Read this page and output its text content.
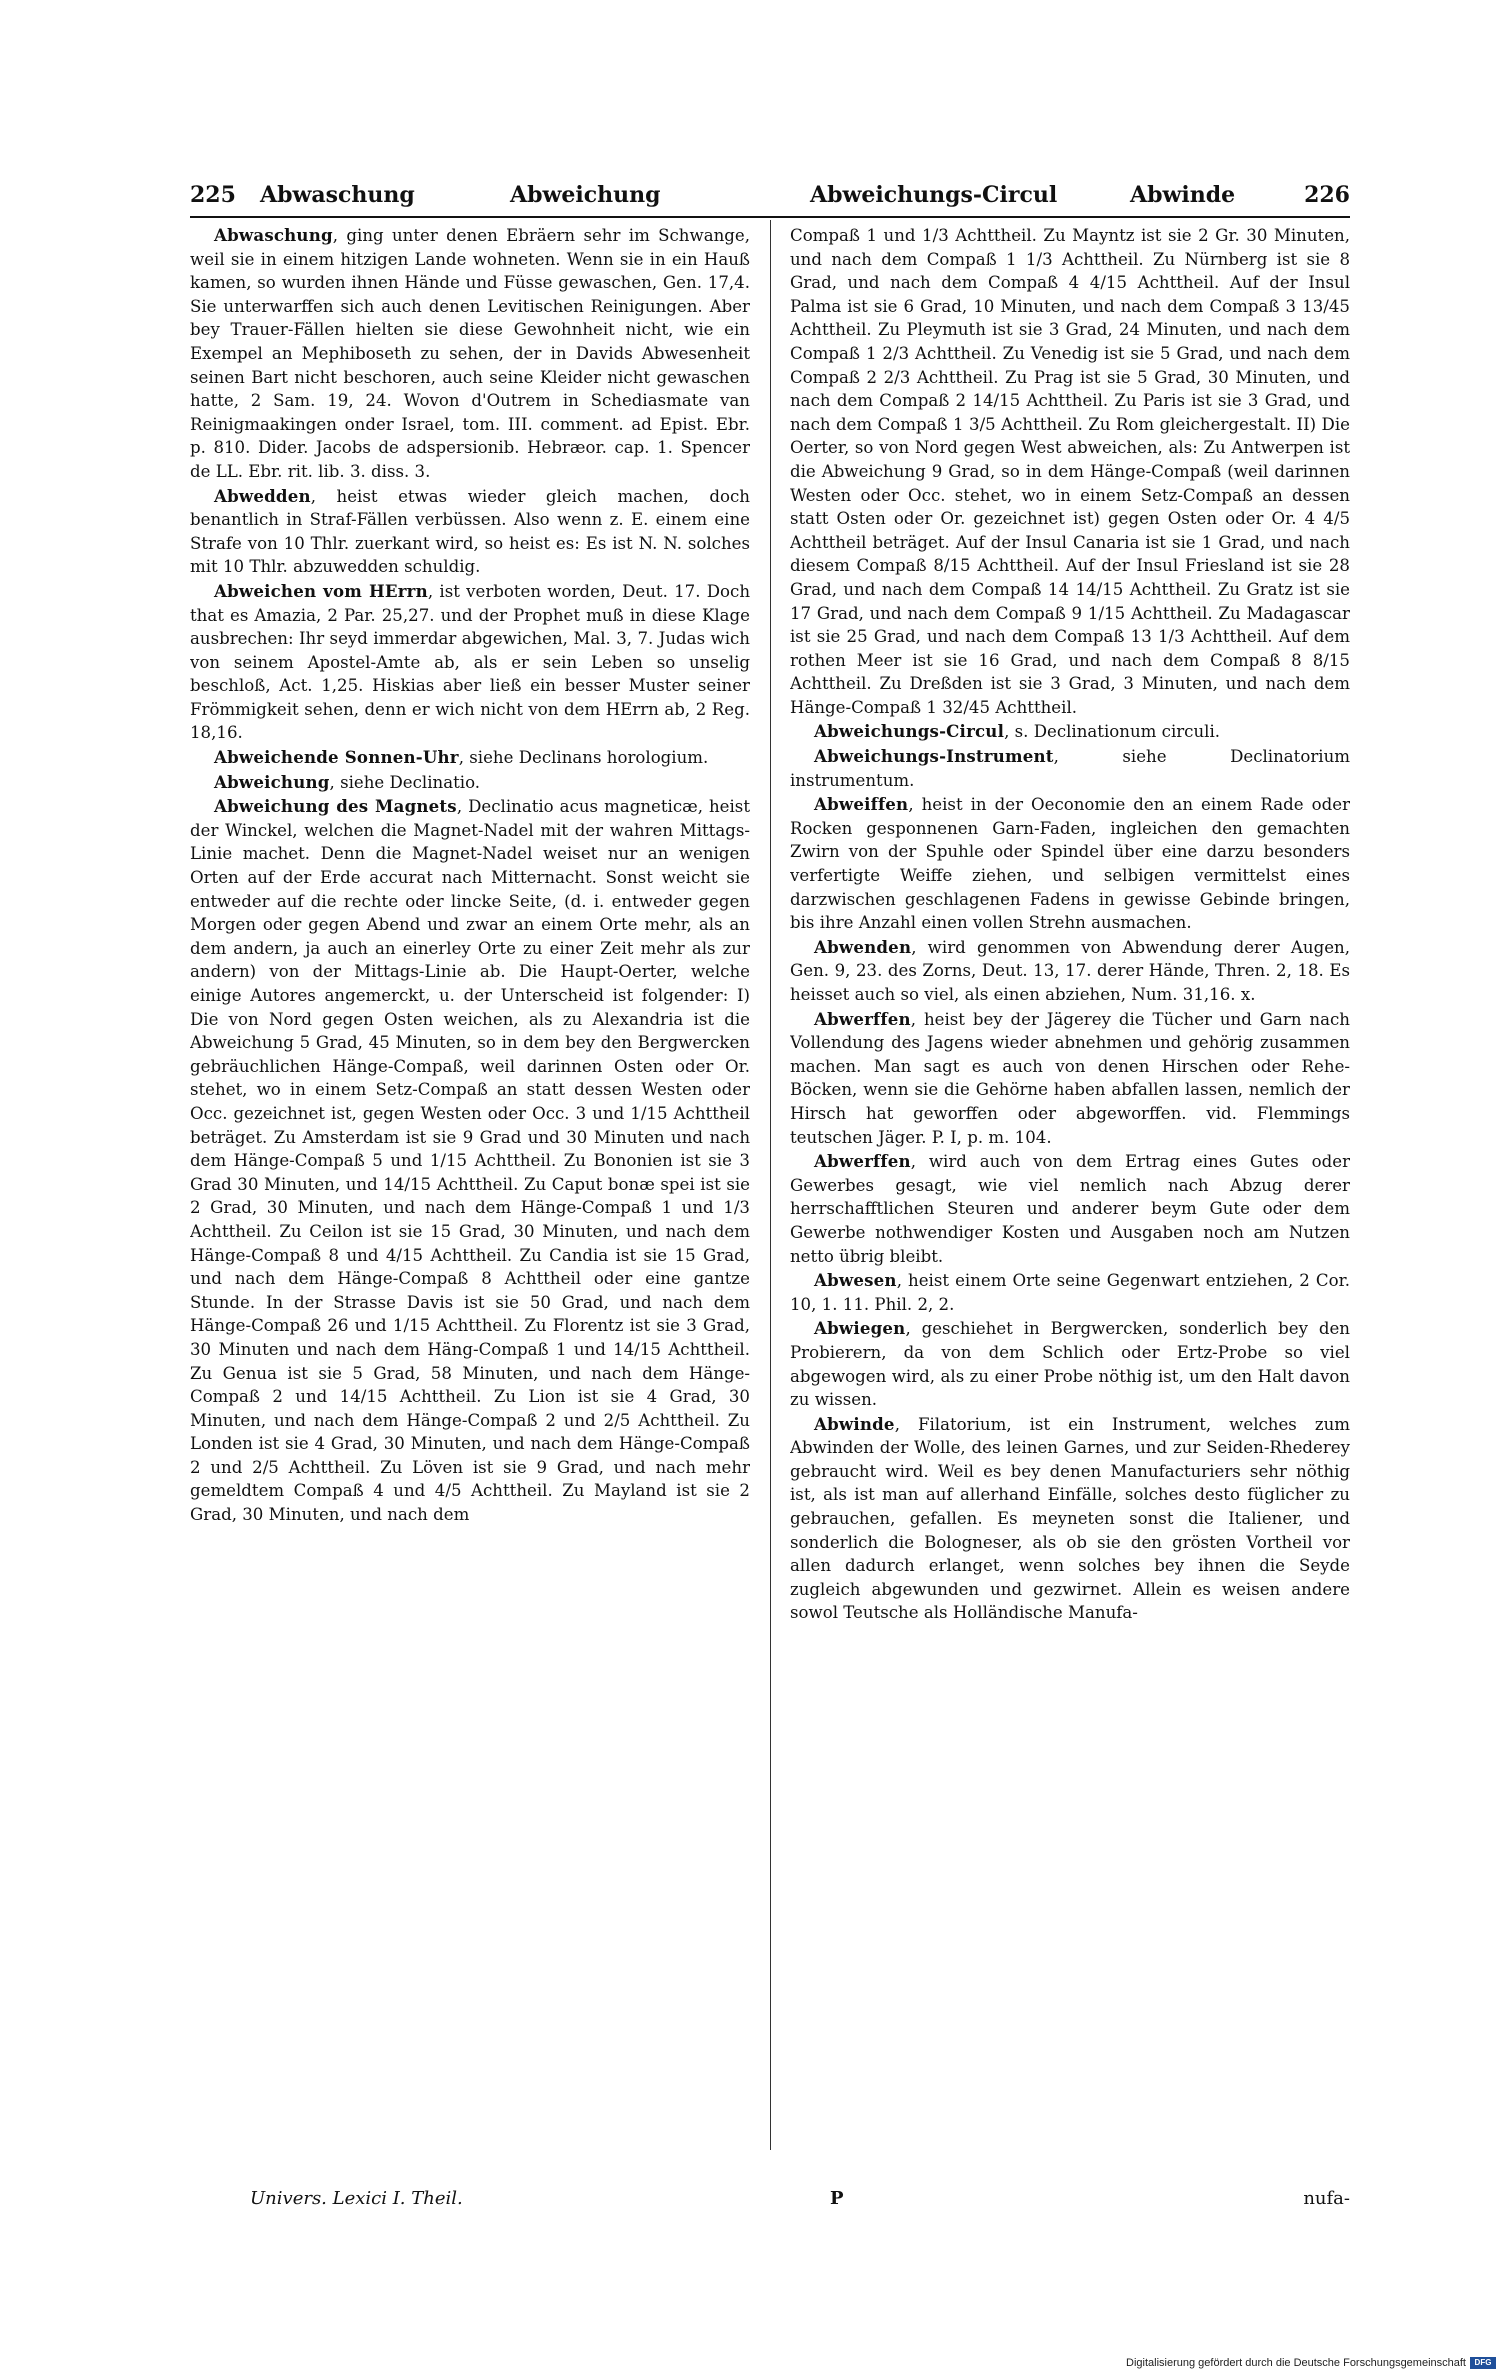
225 Abwaschung	Abweichung	Abweichungs-Circul	Abwinde	226

Abwaschung, ging unter denen Ebräern sehr im Schwange, weil sie in einem hitzigen Lande wohneten. Wenn sie in ein Hauß kamen, so wurden ihnen Hände und Füsse gewaschen, Gen. 17,4. Sie unterwarffen sich auch denen Levitischen Reinigungen. Aber bey Trauer-Fällen hielten sie diese Gewohnheit nicht, wie ein Exempel an Mephiboseth zu sehen, der in Davids Abwesenheit seinen Bart nicht beschoren, auch seine Kleider nicht gewaschen hatte, 2 Sam. 19, 24. Wovon d'Outrem in Schediasmate van Reinigmaakingen onder Israel, tom. III. comment. ad Epist. Ebr. p. 810. Dider. Jacobs de adspersionib. Hebræor. cap. 1. Spencer de LL. Ebr. rit. lib. 3. diss. 3.

Abwedden, heist etwas wieder gleich machen, doch benantlich in Straf-Fällen verbüssen. Also wenn z. E. einem eine Strafe von 10 Thlr. zuerkant wird, so heist es: Es ist N. N. solches mit 10 Thlr. abzuwedden schuldig.

Abweichen vom HErrn, ist verboten worden, Deut. 17. Doch that es Amazia, 2 Par. 25,27. und der Prophet muß in diese Klage ausbrechen: Ihr seyd immerdar abgewichen, Mal. 3, 7. Judas wich von seinem Apostel-Amte ab, als er sein Leben so unselig beschloß, Act. 1,25. Hiskias aber ließ ein besser Muster seiner Frömmigkeit sehen, denn er wich nicht von dem HErrn ab, 2 Reg. 18,16.

Abweichende Sonnen-Uhr, siehe Declinans horologium.

Abweichung, siehe Declinatio.

Abweichung des Magnets, Declinatio acus magneticæ, heist der Winckel, welchen die Magnet-Nadel mit der wahren Mittags-Linie machet. Denn die Magnet-Nadel weiset nur an wenigen Orten auf der Erde accurat nach Mitternacht. Sonst weicht sie entweder auf die rechte oder lincke Seite, (d. i. entweder gegen Morgen oder gegen Abend und zwar an einem Orte mehr, als an dem andern, ja auch an einerley Orte zu einer Zeit mehr als zur andern) von der Mittags-Linie ab. Die Haupt-Oerter, welche einige Autores angemerckt, u. der Unterscheid ist folgender: I) Die von Nord gegen Osten weichen, als zu Alexandria ist die Abweichung 5 Grad, 45 Minuten, so in dem bey den Bergwercken gebräuchlichen Hänge-Compaß, weil darinnen Osten oder Or. stehet, wo in einem Setz-Compaß an statt dessen Westen oder Occ. gezeichnet ist, gegen Westen oder Occ. 3 und 1/15 Achttheil beträget. Zu Amsterdam ist sie 9 Grad und 30 Minuten und nach dem Hänge-Compaß 5 und 1/15 Achttheil. Zu Bononien ist sie 3 Grad 30 Minuten, und 14/15 Achttheil. Zu Caput bonæ spei ist sie 2 Grad, 30 Minuten, und nach dem Hänge-Compaß 1 und 1/3 Achttheil. Zu Ceilon ist sie 15 Grad, 30 Minuten, und nach dem Hänge-Compaß 8 und 4/15 Achttheil. Zu Candia ist sie 15 Grad, und nach dem Hänge-Compaß 8 Achttheil oder eine gantze Stunde. In der Strasse Davis ist sie 50 Grad, und nach dem Hänge-Compaß 26 und 1/15 Achttheil. Zu Florentz ist sie 3 Grad, 30 Minuten und nach dem Häng-Compaß 1 und 14/15 Achttheil. Zu Genua ist sie 5 Grad, 58 Minuten, und nach dem Hänge-Compaß 2 und 14/15 Achttheil. Zu Lion ist sie 4 Grad, 30 Minuten, und nach dem Hänge-Compaß 2 und 2/5 Achttheil. Zu Londen ist sie 4 Grad, 30 Minuten, und nach dem Hänge-Compaß 2 und 2/5 Achttheil. Zu Löven ist sie 9 Grad, und nach mehr gemeldtem Compaß 4 und 4/5 Achttheil. Zu Mayland ist sie 2 Grad, 30 Minuten, und nach dem

Compaß 1 und 1/3 Achttheil. Zu Mayntz ist sie 2 Gr. 30 Minuten, und nach dem Compaß 1 1/3 Achttheil. Zu Nürnberg ist sie 8 Grad, und nach dem Compaß 4 4/15 Achttheil. Auf der Insul Palma ist sie 6 Grad, 10 Minuten, und nach dem Compaß 3 13/45 Achttheil. Zu Pleymuth ist sie 3 Grad, 24 Minuten, und nach dem Compaß 1 2/3 Achttheil. Zu Venedig ist sie 5 Grad, und nach dem Compaß 2 2/3 Achttheil. Zu Prag ist sie 5 Grad, 30 Minuten, und nach dem Compaß 2 14/15 Achttheil. Zu Paris ist sie 3 Grad, und nach dem Compaß 1 3/5 Achttheil. Zu Rom gleichergestalt. II) Die Oerter, so von Nord gegen West abweichen, als: Zu Antwerpen ist die Abweichung 9 Grad, so in dem Hänge-Compaß (weil darinnen Westen oder Occ. stehet, wo in einem Setz-Compaß an dessen statt Osten oder Or. gezeichnet ist) gegen Osten oder Or. 4 4/5 Achttheil beträget. Auf der Insul Canaria ist sie 1 Grad, und nach diesem Compaß 8/15 Achttheil. Auf der Insul Friesland ist sie 28 Grad, und nach dem Compaß 14 14/15 Achttheil. Zu Gratz ist sie 17 Grad, und nach dem Compaß 9 1/15 Achttheil. Zu Madagascar ist sie 25 Grad, und nach dem Compaß 13 1/3 Achttheil. Auf dem rothen Meer ist sie 16 Grad, und nach dem Compaß 8 8/15 Achttheil. Zu Dreßden ist sie 3 Grad, 3 Minuten, und nach dem Hänge-Compaß 1 32/45 Achttheil.

Abweichungs-Circul, s. Declinationum circuli.

Abweichungs-Instrument, siehe Declinatorium instrumentum.

Abweiffen, heist in der Oeconomie den an einem Rade oder Rocken gesponnenen Garn-Faden, ingleichen den gemachten Zwirn von der Spuhle oder Spindel über eine darzu besonders verfertigte Weiffe ziehen, und selbigen vermittelst eines darzwischen geschlagenen Fadens in gewisse Gebinde bringen, bis ihre Anzahl einen vollen Strehn ausmachen.

Abwenden, wird genommen von Abwendung derer Augen, Gen. 9, 23. des Zorns, Deut. 13, 17. derer Hände, Thren. 2, 18. Es heisset auch so viel, als einen abziehen, Num. 31,16. x.

Abwerffen, heist bey der Jägerey die Tücher und Garn nach Vollendung des Jagens wieder abnehmen und gehörig zusammen machen. Man sagt es auch von denen Hirschen oder Rehe-Böcken, wenn sie die Gehörne haben abfallen lassen, nemlich der Hirsch hat geworffen oder abgeworffen. vid. Flemmings teutschen Jäger. P. I, p. m. 104.

Abwerffen, wird auch von dem Ertrag eines Gutes oder Gewerbes gesagt, wie viel nemlich nach Abzug derer herrschafftlichen Steuren und anderer beym Gute oder dem Gewerbe nothwendiger Kosten und Ausgaben noch am Nutzen netto übrig bleibt.

Abwesen, heist einem Orte seine Gegenwart entziehen, 2 Cor. 10, 1. 11. Phil. 2, 2.

Abwiegen, geschiehet in Bergwercken, sonderlich bey den Probierern, da von dem Schlich oder Ertz-Probe so viel abgewogen wird, als zu einer Probe nöthig ist, um den Halt davon zu wissen.

Abwinde, Filatorium, ist ein Instrument, welches zum Abwinden der Wolle, des leinen Garnes, und zur Seiden-Rhederey gebraucht wird. Weil es bey denen Manufacturiers sehr nöthig ist, als ist man auf allerhand Einfälle, solches desto füglicher zu gebrauchen, gefallen. Es meyneten sonst die Italiener, und sonderlich die Bologneser, als ob sie den grösten Vortheil vor allen dadurch erlanget, wenn solches bey ihnen die Seyde zugleich abgewunden und gezwirnet. Allein es weisen andere sowol Teutsche als Holländische Manufa-

Univers. Lexici I. Theil.	P	nufa-
Digitalisierung gefördert durch die Deutsche Forschungsgemeinschaft	DFG
